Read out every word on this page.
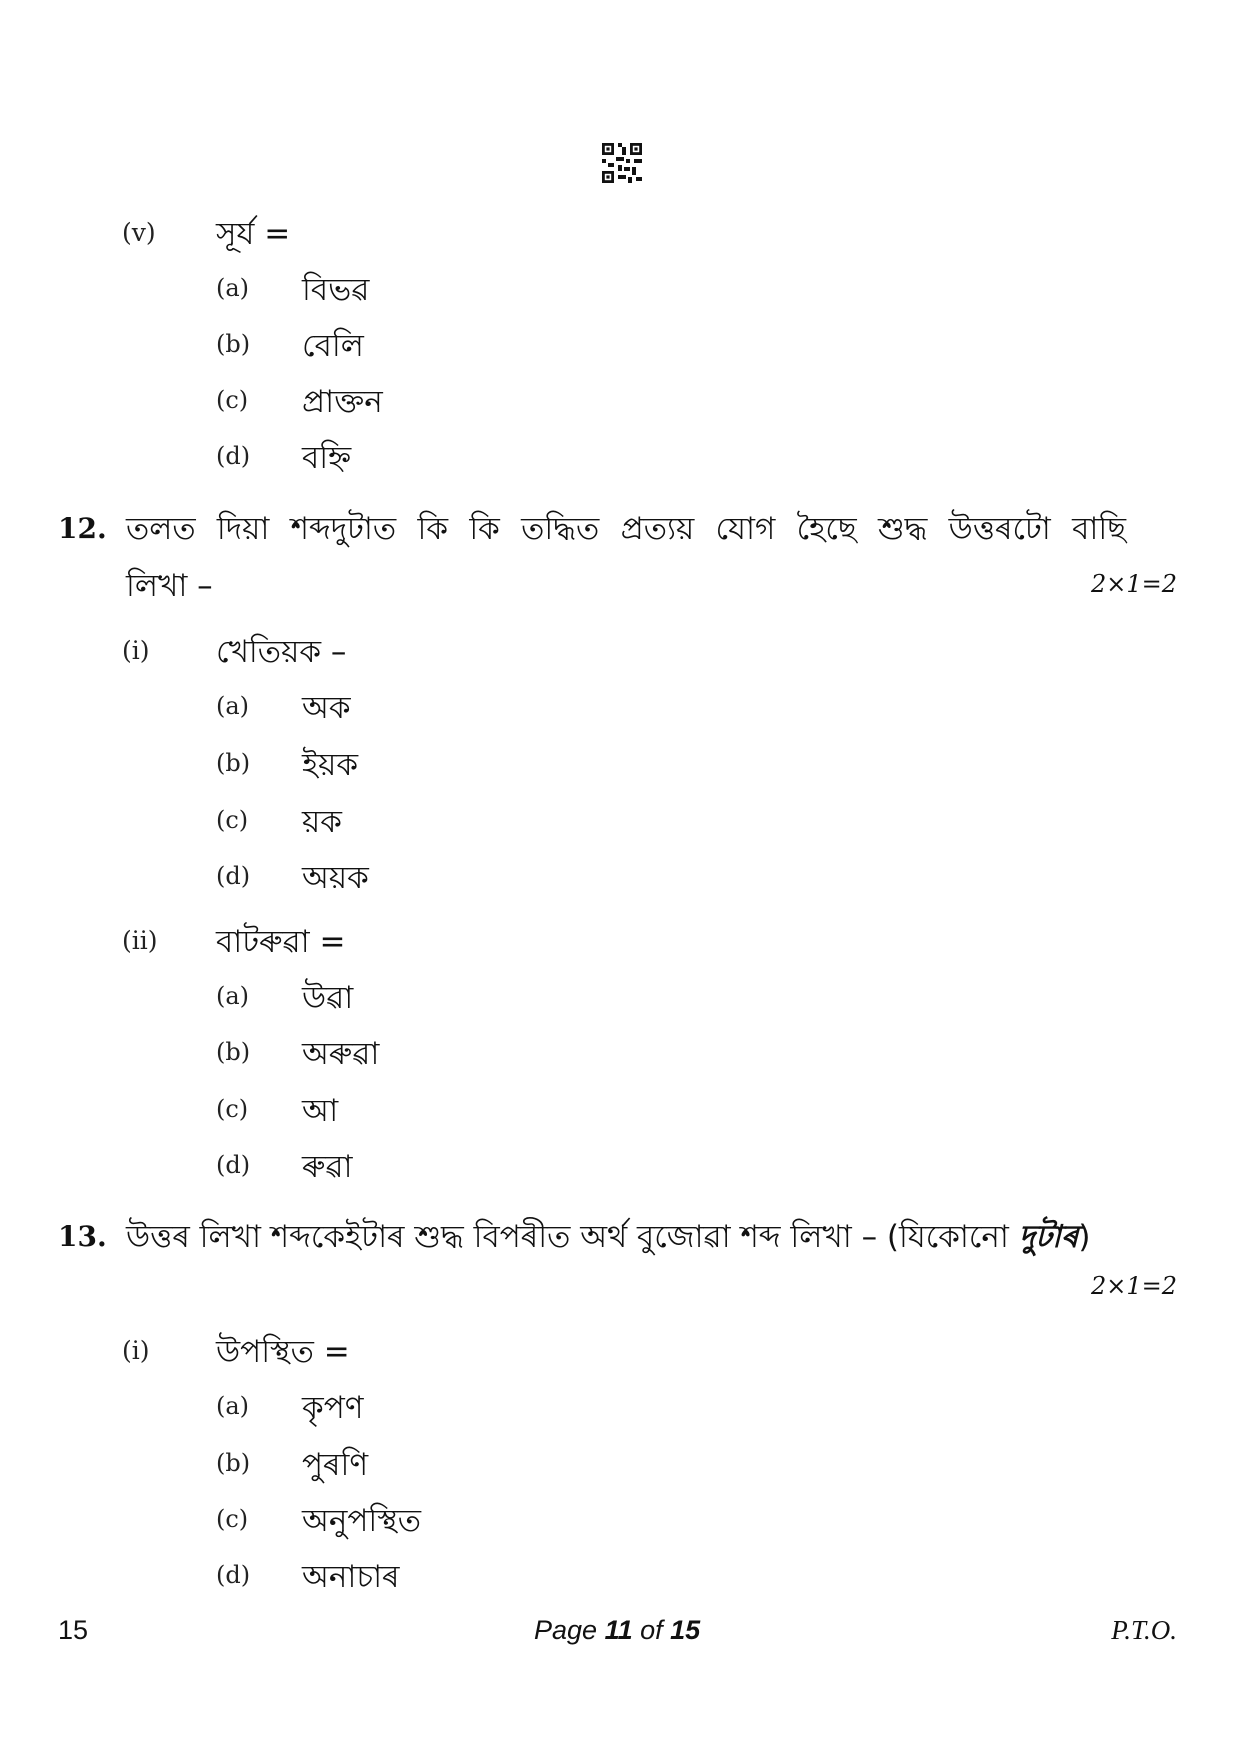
(v) সূৰ্য =
(a) বিভৱ
(b) বেলি
(c) প্ৰাক্তন
(d) বহ্নি
12. তলত দিয়া শব্দদুটাত কি কি তদ্ধিত প্ৰত্যয় যোগ হৈছে শুদ্ধ উত্তৰটো বাছি
লিখা –	2×1=2
(i) খেতিয়ক –
(a) অক
(b) ইয়ক
(c) য়ক
(d) অয়ক
(ii) বাটৰুৱা =
(a) উৱা
(b) অৰুৱা
(c) আ
(d) ৰুৱা
13. উত্তৰ লিখা শব্দকেইটাৰ শুদ্ধ বিপৰীত অৰ্থ বুজোৱা শব্দ লিখা – (যিকোনো দুটাৰ)
2×1=2
(i) উপস্থিত =
(a) কৃপণ
(b) পুৰণি
(c) অনুপস্থিত
(d) অনাচাৰ
15	Page 11 of 15	P.T.O.
